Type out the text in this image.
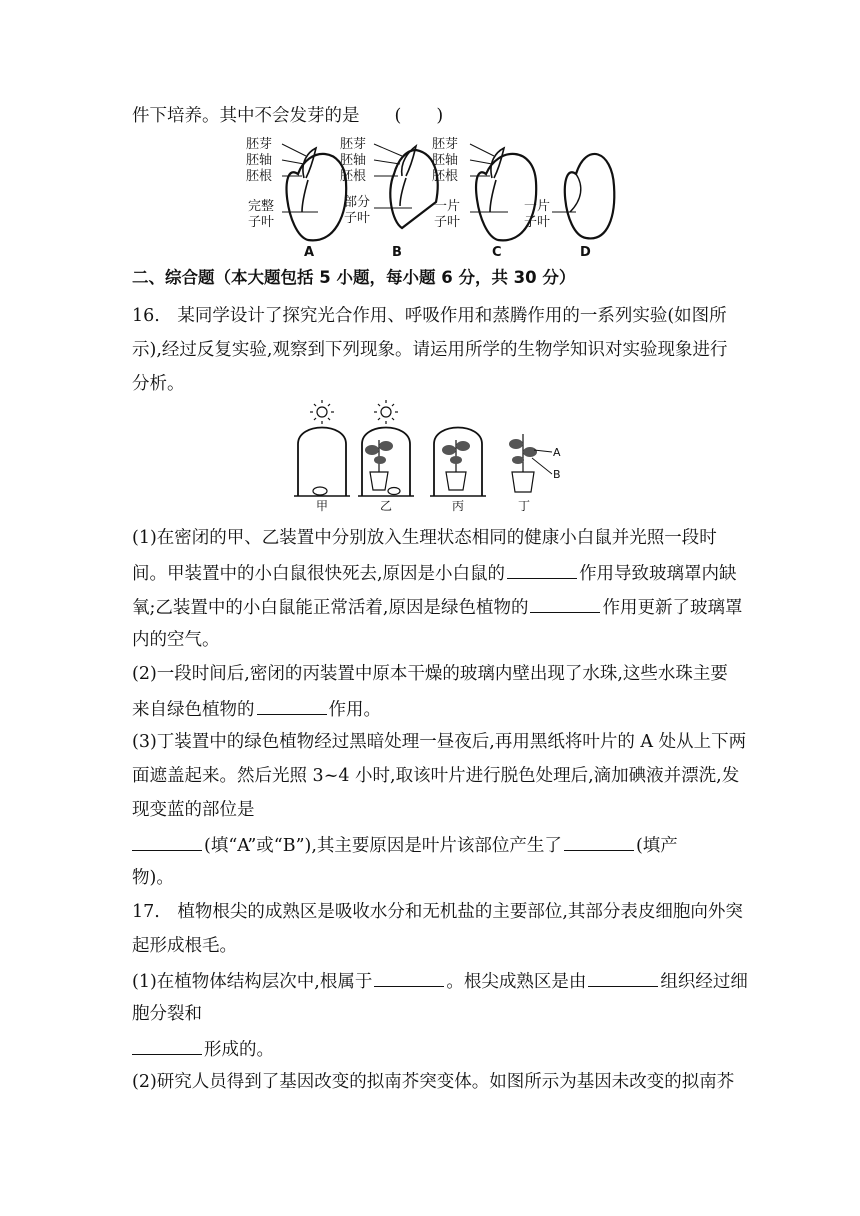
件下培养。其中不会发芽的是　　(　　)
胚芽
胚轴
胚根
完整
子叶
A
胚芽
胚轴
胚根
部分
子叶
B
胚芽
胚轴
胚根
一片
子叶
C
一片
子叶
D
二、综合题（本大题包括 5 小题，每小题 6 分，共 30 分）
16.　某同学设计了探究光合作用、呼吸作用和蒸腾作用的一系列实验(如图所
示),经过反复实验,观察到下列现象。请运用所学的生物学知识对实验现象进行
分析。
A
B
甲	乙	丙	丁
(1)在密闭的甲、乙装置中分别放入生理状态相同的健康小白鼠并光照一段时
间。甲装置中的小白鼠很快死去,原因是小白鼠的	作用导致玻璃罩内缺
氧;乙装置中的小白鼠能正常活着,原因是绿色植物的	作用更新了玻璃罩
内的空气。
(2)一段时间后,密闭的丙装置中原本干燥的玻璃内壁出现了水珠,这些水珠主要
来自绿色植物的	作用。
(3)丁装置中的绿色植物经过黑暗处理一昼夜后,再用黑纸将叶片的 A 处从上下两
面遮盖起来。然后光照 3~4 小时,取该叶片进行脱色处理后,滴加碘液并漂洗,发
现变蓝的部位是
(填“A”或“B”),其主要原因是叶片该部位产生了	(填产
物)。
17.　植物根尖的成熟区是吸收水分和无机盐的主要部位,其部分表皮细胞向外突
起形成根毛。
(1)在植物体结构层次中,根属于	。根尖成熟区是由	组织经过细
胞分裂和
形成的。
(2)研究人员得到了基因改变的拟南芥突变体。如图所示为基因未改变的拟南芥
